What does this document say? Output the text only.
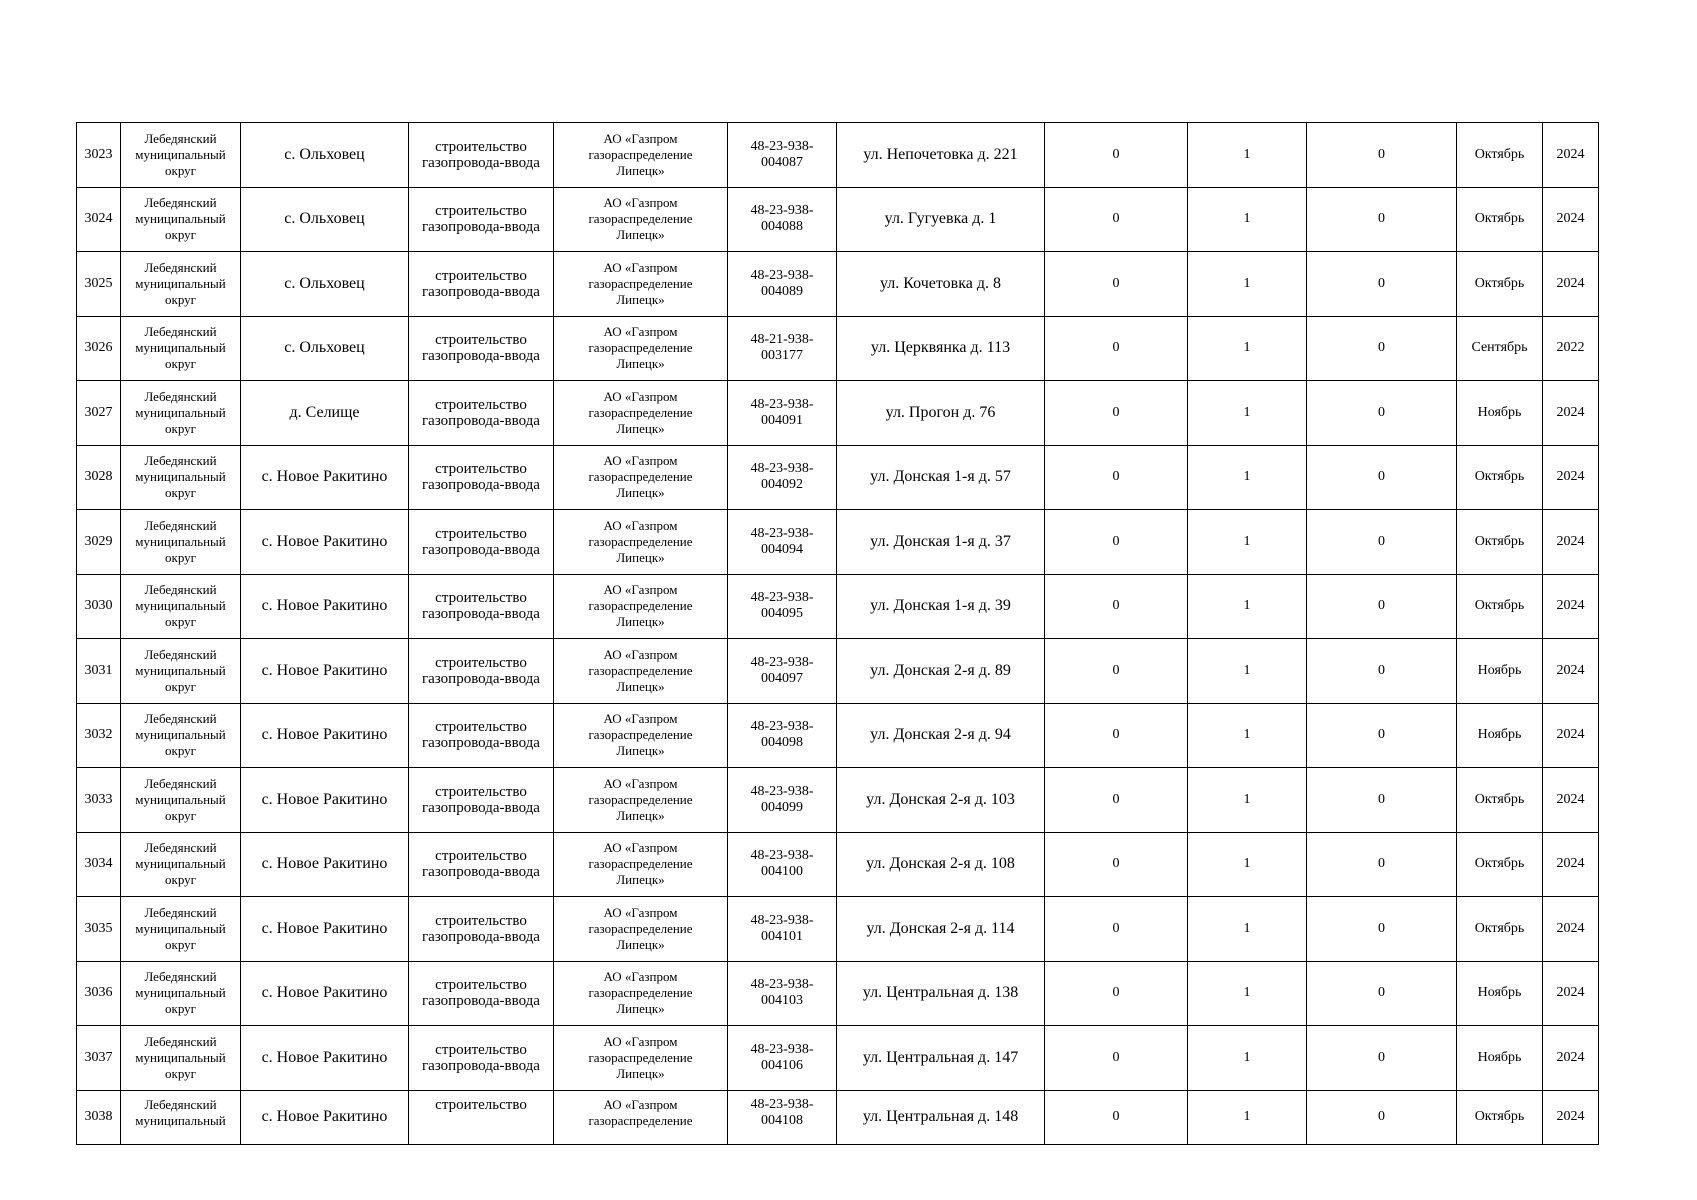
3023	Лебедянский
муниципальный
округ	с. Ольховец	строительство
газопровода-ввода	АО «Газпром
газораспределение
Липецк»	48-23-938-
004087	ул. Непочетовка д. 221	0	1	0	Октябрь	2024
3024	Лебедянский
муниципальный
округ	с. Ольховец	строительство
газопровода-ввода	АО «Газпром
газораспределение
Липецк»	48-23-938-
004088	ул. Гугуевка д. 1	0	1	0	Октябрь	2024
3025	Лебедянский
муниципальный
округ	с. Ольховец	строительство
газопровода-ввода	АО «Газпром
газораспределение
Липецк»	48-23-938-
004089	ул. Кочетовка д. 8	0	1	0	Октябрь	2024
3026	Лебедянский
муниципальный
округ	с. Ольховец	строительство
газопровода-ввода	АО «Газпром
газораспределение
Липецк»	48-21-938-
003177	ул. Церквянка д. 113	0	1	0	Сентябрь	2022
3027	Лебедянский
муниципальный
округ	д. Селище	строительство
газопровода-ввода	АО «Газпром
газораспределение
Липецк»	48-23-938-
004091	ул. Прогон д. 76	0	1	0	Ноябрь	2024
3028	Лебедянский
муниципальный
округ	с. Новое Ракитино	строительство
газопровода-ввода	АО «Газпром
газораспределение
Липецк»	48-23-938-
004092	ул. Донская 1-я д. 57	0	1	0	Октябрь	2024
3029	Лебедянский
муниципальный
округ	с. Новое Ракитино	строительство
газопровода-ввода	АО «Газпром
газораспределение
Липецк»	48-23-938-
004094	ул. Донская 1-я д. 37	0	1	0	Октябрь	2024
3030	Лебедянский
муниципальный
округ	с. Новое Ракитино	строительство
газопровода-ввода	АО «Газпром
газораспределение
Липецк»	48-23-938-
004095	ул. Донская 1-я д. 39	0	1	0	Октябрь	2024
3031	Лебедянский
муниципальный
округ	с. Новое Ракитино	строительство
газопровода-ввода	АО «Газпром
газораспределение
Липецк»	48-23-938-
004097	ул. Донская 2-я д. 89	0	1	0	Ноябрь	2024
3032	Лебедянский
муниципальный
округ	с. Новое Ракитино	строительство
газопровода-ввода	АО «Газпром
газораспределение
Липецк»	48-23-938-
004098	ул. Донская 2-я д. 94	0	1	0	Ноябрь	2024
3033	Лебедянский
муниципальный
округ	с. Новое Ракитино	строительство
газопровода-ввода	АО «Газпром
газораспределение
Липецк»	48-23-938-
004099	ул. Донская 2-я д. 103	0	1	0	Октябрь	2024
3034	Лебедянский
муниципальный
округ	с. Новое Ракитино	строительство
газопровода-ввода	АО «Газпром
газораспределение
Липецк»	48-23-938-
004100	ул. Донская 2-я д. 108	0	1	0	Октябрь	2024
3035	Лебедянский
муниципальный
округ	с. Новое Ракитино	строительство
газопровода-ввода	АО «Газпром
газораспределение
Липецк»	48-23-938-
004101	ул. Донская 2-я д. 114	0	1	0	Октябрь	2024
3036	Лебедянский
муниципальный
округ	с. Новое Ракитино	строительство
газопровода-ввода	АО «Газпром
газораспределение
Липецк»	48-23-938-
004103	ул. Центральная д. 138	0	1	0	Ноябрь	2024
3037	Лебедянский
муниципальный
округ	с. Новое Ракитино	строительство
газопровода-ввода	АО «Газпром
газораспределение
Липецк»	48-23-938-
004106	ул. Центральная д. 147	0	1	0	Ноябрь	2024
3038	Лебедянский
муниципальный	с. Новое Ракитино	строительство	АО «Газпром
газораспределение	48-23-938-
004108	ул. Центральная д. 148	0	1	0	Октябрь	2024
